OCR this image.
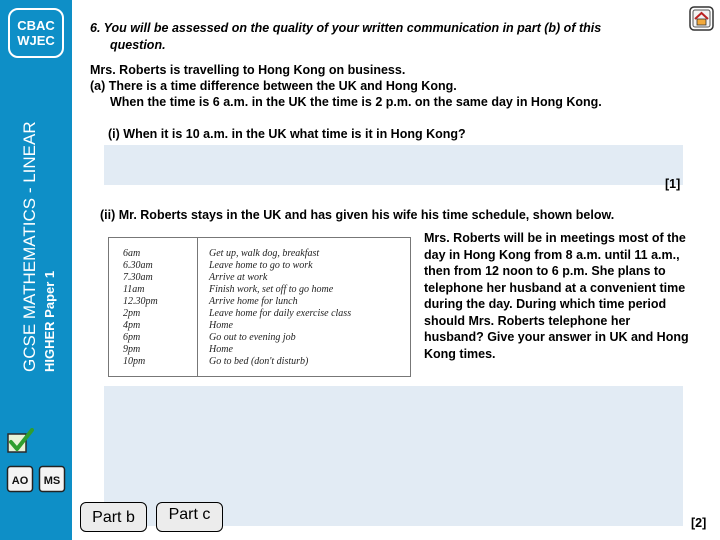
CBAC
WJEC
GCSE MATHEMATICS - LINEAR HIGHER Paper 1
AO MS
6. You will be assessed on the quality of your written communication in part (b) of this
question.
Mrs. Roberts is travelling to Hong Kong on business.
(a) There is a time difference between the UK and Hong Kong.
When the time is 6 a.m. in the UK the time is 2 p.m. on the same day in Hong Kong.
(i) When it is 10 a.m. in the UK what time is it in Hong Kong?
[1]
(ii) Mr. Roberts stays in the UK and has given his wife his time schedule, shown below.
6am
6.30am
7.30am
11am
12.30pm
2pm
4pm
6pm
9pm
10pm
Get up, walk dog, breakfast
Leave home to go to work
Arrive at work
Finish work, set off to go home
Arrive home for lunch
Leave home for daily exercise class
Home
Go out to evening job
Home
Go to bed (don't disturb)
Mrs. Roberts will be in meetings most of the day in Hong Kong from 8 a.m. until 11 a.m., then from 12 noon to 6 p.m. She plans to telephone her husband at a convenient time during the day. During which time period should Mrs. Roberts telephone her husband? Give your answer in UK and Hong Kong times.
Part b	Part c	[2]
